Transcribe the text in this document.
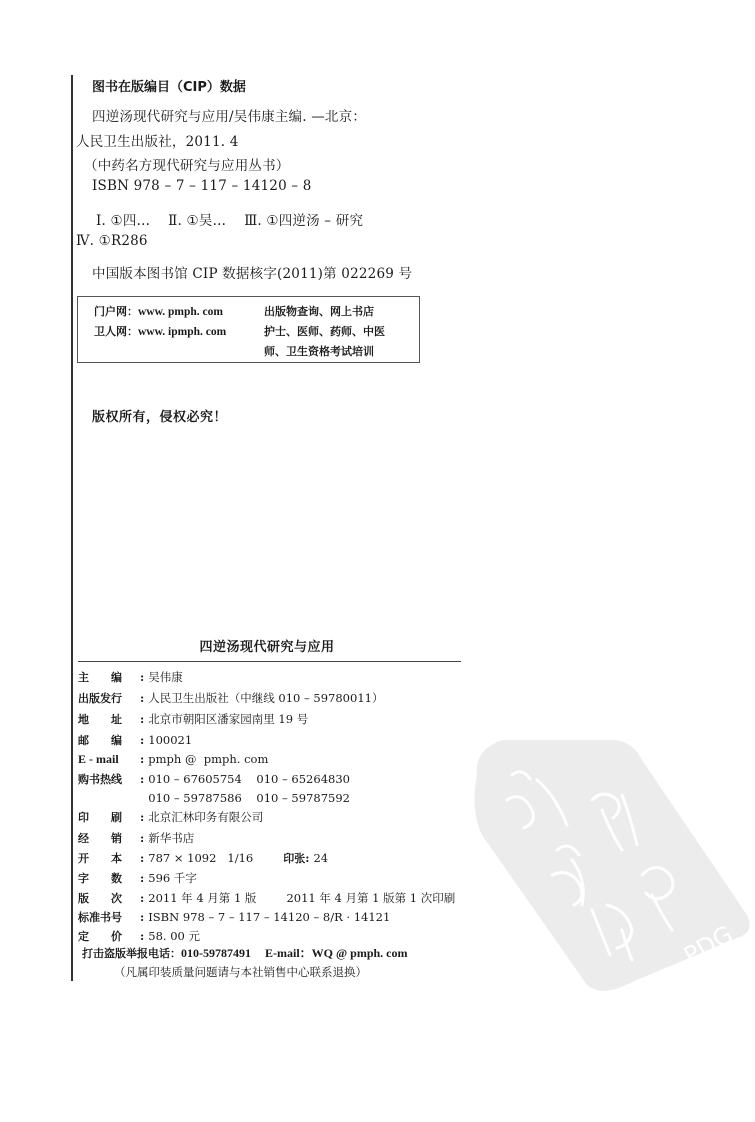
图书在版编目（CIP）数据
四逆汤现代研究与应用/吴伟康主编. —北京：
人民卫生出版社，2011. 4
（中药名方现代研究与应用丛书）
ISBN 978 – 7 – 117 – 14120 – 8
Ⅰ. ①四…    Ⅱ. ①吴…    Ⅲ. ①四逆汤 – 研究
Ⅳ. ①R286
中国版本图书馆 CIP 数据核字(2011)第 022269 号
门户网：www. pmph. com	出版物查询、网上书店
卫人网：www. ipmph. com	护士、医师、药师、中医
师、卫生资格考试培训
版权所有，侵权必究！
四逆汤现代研究与应用
主　　编 : 吴伟康
出版发行 : 人民卫生出版社（中继线 010 – 59780011）
地　　址 : 北京市朝阳区潘家园南里 19 号
邮　　编 : 100021
E - mail : pmph @  pmph. com
购书热线 : 010 – 67605754    010 – 65264830
010 – 59787586    010 – 59787592
印　　刷 : 北京汇林印务有限公司
经　　销 : 新华书店
开　　本 : 787 × 1092   1/16	印张: 24
字　　数 : 596 千字
版　　次 : 2011 年 4 月第 1 版	2011 年 4 月第 1 版第 1 次印刷
标准书号 : ISBN 978 – 7 – 117 – 14120 – 8/R · 14121
定　　价 : 58. 00 元
打击盗版举报电话：010-59787491 E-mail：WQ @ pmph. com
（凡属印装质量问题请与本社销售中心联系退换）
PDG
